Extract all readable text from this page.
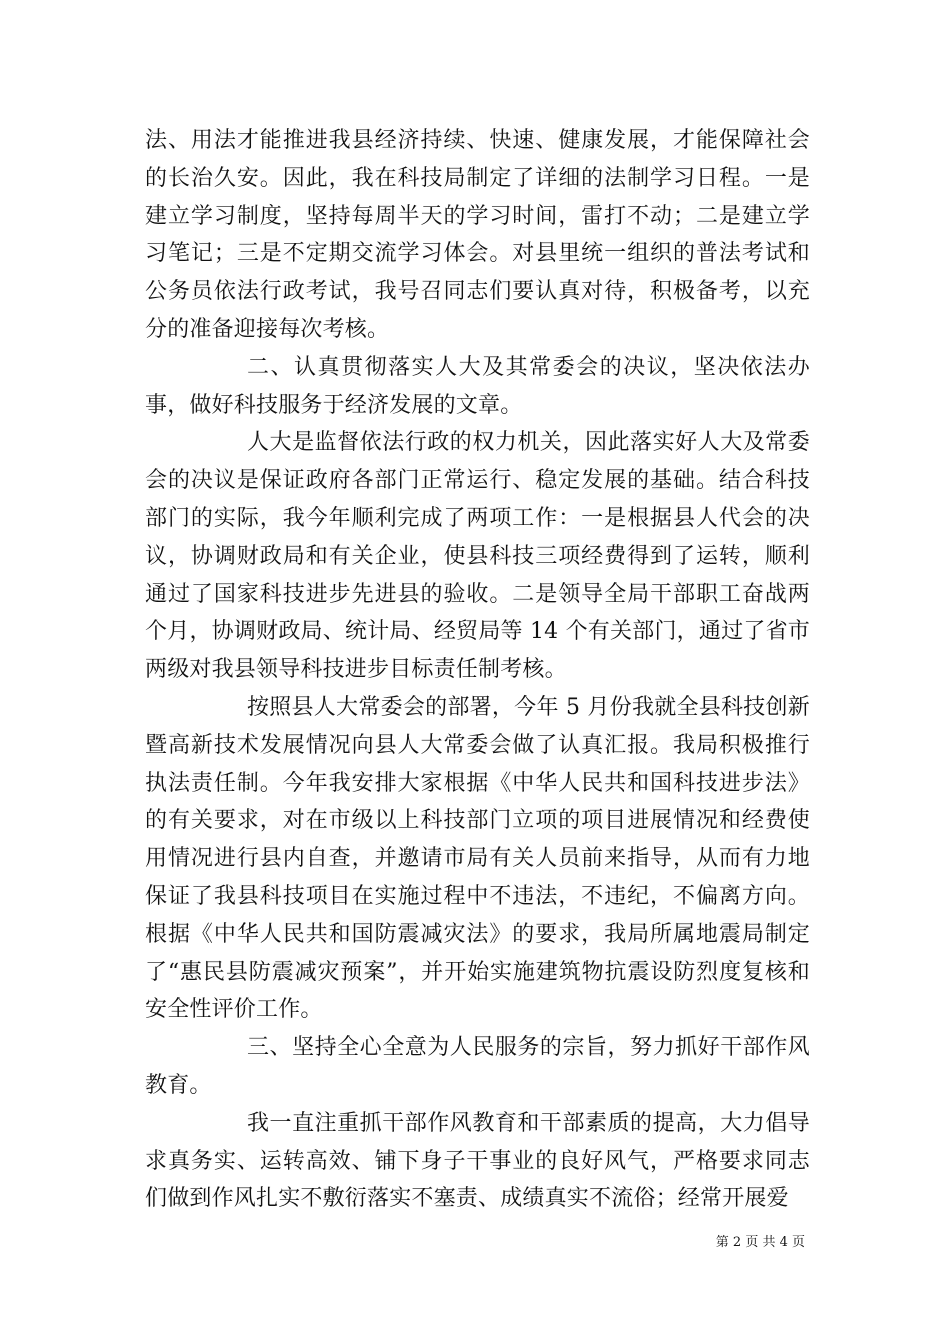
法、用法才能推进我县经济持续、快速、健康发展，才能保障社会的长治久安。因此，我在科技局制定了详细的法制学习日程。一是建立学习制度，坚持每周半天的学习时间，雷打不动；二是建立学习笔记；三是不定期交流学习体会。对县里统一组织的普法考试和公务员依法行政考试，我号召同志们要认真对待，积极备考，以充分的准备迎接每次考核。

二、认真贯彻落实人大及其常委会的决议，坚决依法办事，做好科技服务于经济发展的文章。

人大是监督依法行政的权力机关，因此落实好人大及常委会的决议是保证政府各部门正常运行、稳定发展的基础。结合科技部门的实际，我今年顺利完成了两项工作：一是根据县人代会的决议，协调财政局和有关企业，使县科技三项经费得到了运转，顺利通过了国家科技进步先进县的验收。二是领导全局干部职工奋战两个月，协调财政局、统计局、经贸局等 14 个有关部门，通过了省市两级对我县领导科技进步目标责任制考核。

按照县人大常委会的部署，今年 5 月份我就全县科技创新暨高新技术发展情况向县人大常委会做了认真汇报。我局积极推行执法责任制。今年我安排大家根据《中华人民共和国科技进步法》的有关要求，对在市级以上科技部门立项的项目进展情况和经费使用情况进行县内自查，并邀请市局有关人员前来指导，从而有力地保证了我县科技项目在实施过程中不违法，不违纪，不偏离方向。根据《中华人民共和国防震减灾法》的要求，我局所属地震局制定了“惠民县防震减灾预案”，并开始实施建筑物抗震设防烈度复核和安全性评价工作。

三、坚持全心全意为人民服务的宗旨，努力抓好干部作风教育。

我一直注重抓干部作风教育和干部素质的提高，大力倡导求真务实、运转高效、铺下身子干事业的良好风气，严格要求同志们做到作风扎实不敷衍落实不塞责、成绩真实不流俗；经常开展爱

第 2 页 共 4 页
